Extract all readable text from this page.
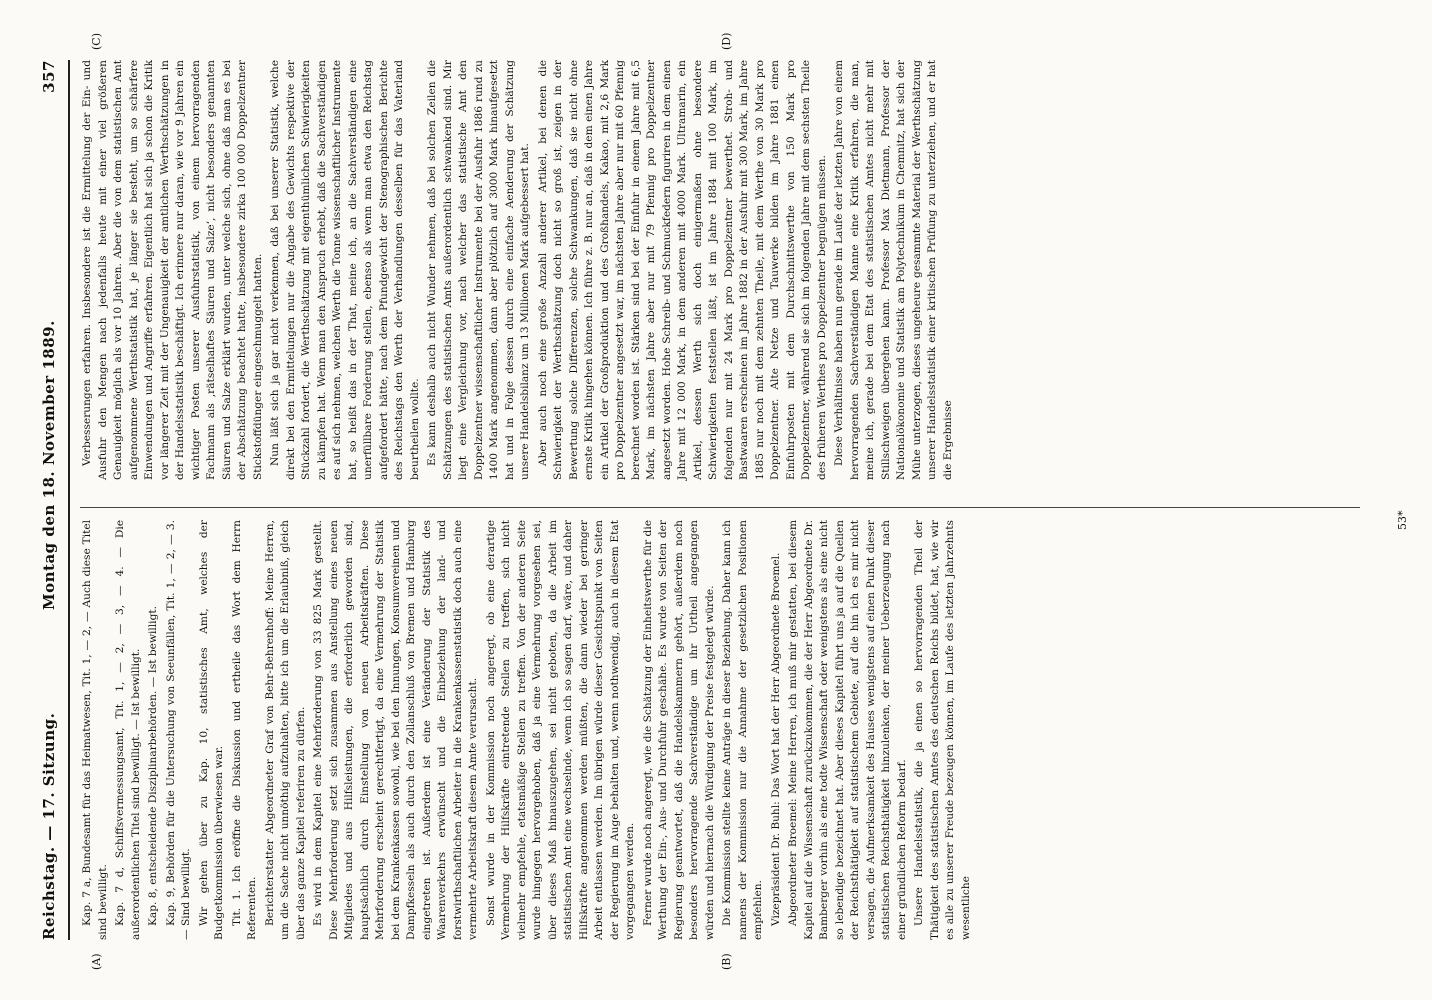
Reichstag. — 17. Sitzung.
Montag den 18. November 1889.
357
(A)	(B)
(C)	(D)

Kap. 7 a, Bundesamt für das Heimatwesen, Tit. 1, — 2, — Auch diese Titel sind bewilligt. Kap. 7 d, Schiffsvermessungsamt, Tit. 1, — 2, — 3, — 4. — Die außerordentlichen Titel sind bewilligt. — Ist bewilligt. Kap. 8, entscheidende Disziplinarbehörden. — Ist bewilligt. Kap. 9, Behörden für die Untersuchung von Seeunfällen, Tit. 1, — 2, — 3. — Sind bewilligt. Wir gehen über zu Kap. 10, statistisches Amt, welches der Budgetkommission überwiesen war. Tit. 1. Ich eröffne die Diskussion und ertheile das Wort dem Herrn Referenten. Berichterstatter Abgeordneter Graf von Behr-Behrenhoff: Meine Herren, um die Sache nicht unnöthig aufzuhalten, bitte ich um die Erlaubniß, gleich über das ganze Kapitel referiren zu dürfen. Es wird in dem Kapitel eine Mehrforderung von 33 825 Mark gestellt. Diese Mehrforderung setzt sich zusammen aus Anstellung eines neuen Mitgliedes und aus Hilfsleistungen, die erforderlich geworden sind, hauptsächlich durch Einstellung von neuen Arbeitskräften. Diese Mehrforderung erscheint gerechtfertigt, da eine Vermehrung der Statistik bei dem Krankenkassen sowohl, wie bei den Innungen, Konsumvereinen und Dampfkesseln als auch durch den Zollanschluß von Bremen und Hamburg eingetreten ist. Außerdem ist eine Veränderung der Statistik des Waarenverkehrs erwünscht und die Einbeziehung der land- und forstwirthschaftlichen Arbeiter in die Krankenkassenstatistik doch auch eine vermehrte Arbeitskraft diesem Amte verursacht. Sonst wurde in der Kommission noch angeregt, ob eine derartige Vermehrung der Hilfskräfte eintretende Stellen zu treffen, sich nicht vielmehr empfehle, etatsmäßige Stellen zu treffen. Von der anderen Seite wurde hingegen hervorgehoben, daß ja eine Vermehrung vorgesehen sei, über dieses Maß hinauszugehen, sei nicht geboten, da die Arbeit im statistischen Amt eine wechselnde, wenn ich so sagen darf, wäre, und daher Hilfskräfte angenommen werden müßten, die dann wieder bei geringer Arbeit entlassen werden. Im übrigen würde dieser Gesichtspunkt von Seiten der Regierung im Auge behalten und, wenn nothwendig, auch in diesem Etat vorgegangen werden. Ferner wurde noch angeregt, wie die Schätzung der Einheitswerthe für die Werthung der Ein-, Aus- und Durchfuhr geschähe. Es wurde von Seiten der Regierung geantwortet, daß die Handelskammern gehört, außerdem noch besonders hervorragende Sachverständige um ihr Urtheil angegangen würden und hiernach die Würdigung der Preise festgelegt würde. Die Kommission stellte keine Anträge in dieser Beziehung. Daher kann ich namens der Kommission nur die Annahme der gesetzlichen Positionen empfehlen. Vizepräsident Dr. Buhl: Das Wort hat der Herr Abgeordnete Broemel. Abgeordneter Broemel: Meine Herren, ich muß mir gestatten, bei diesem Kapitel auf die Wissenschaft zurückzukommen, die der Herr Abgeordnete Dr. Bamberger vorhin als eine todte Wissenschaft oder wenigstens als eine nicht so lebendige bezeichnet hat. Aber dieses Kapitel führt uns ja auf die Quellen der Reichsthätigkeit auf statistischem Gebiete, auf die hin ich es mir nicht versagen, die Aufmerksamkeit des Hauses wenigstens auf einen Punkt dieser statistischen Reichsthätigkeit hinzulenken, der meiner Ueberzeugung nach einer gründlichen Reform bedarf. Unsere Handelsstatistik, die ja einen so hervorragenden Theil der Thätigkeit des statistischen Amtes des deutschen Reichs bildet, hat, wie wir es alle zu unserer Freude bezeugen können, im Laufe des letzten Jahrzehnts wesentliche

Verbesserungen erfahren. Insbesondere ist die Ermittelung der Ein- und Ausfuhr den Mengen nach jedenfalls heute mit einer viel größeren Genauigkeit möglich als vor 10 Jahren. Aber die von dem statistischen Amt aufgenommene Werthstatistik hat, je länger sie besteht, um so schärfere Einwendungen und Angriffe erfahren. Eigentlich hat sich ja schon die Kritik vor längerer Zeit mit der Ungenauigkeit der amtlichen Werthschätzungen in der Handelsstatistik beschäftigt. Ich erinnere nur daran, wie vor 9 Jahren ein wichtiger Posten unserer Ausfuhrstatistik, von einem hervorragenden Fachmann als ‚rätselhaftes Säuren und Salze‘, nicht besonders genannten Säuren und Salze erklärt wurden, unter welche sich, ohne daß man es bei der Abschätzung beachtet hatte, insbesondere zirka 100 000 Doppelzentner Stickstoffdünger eingeschmuggelt hatten. Nun läßt sich ja gar nicht verkennen, daß bei unserer Statistik, welche direkt bei den Ermittelungen nur die Angabe des Gewichts respektive der Stückzahl fordert, die Werthschätzung mit eigenthümlichen Schwierigkeiten zu kämpfen hat. Wenn man den Anspruch erhebt, daß die Sachverständigen es auf sich nehmen, welchen Werth die Tonne wissenschaftlicher Instrumente hat, so heißt das in der That, meine ich, an die Sachverständigen eine unerfüllbare Forderung stellen, ebenso als wenn man etwa den Reichstag aufgefordert hätte, nach dem Pfundgewicht der Stenographischen Berichte des Reichstags den Werth der Verhandlungen desselben für das Vaterland beurtheilen wollte. Es kann deshalb auch nicht Wunder nehmen, daß bei solchen Zeilen die Schätzungen des statistischen Amts außerordentlich schwankend sind. Mir liegt eine Vergleichung vor, nach welcher das statistische Amt den Doppelzentner wissenschaftlicher Instrumente bei der Ausfuhr 1886 rund zu 1400 Mark angenommen, dann aber plötzlich auf 3000 Mark hinaufgesetzt hat und in Folge dessen durch eine einfache Aenderung der Schätzung unsere Handelsbilanz um 13 Millionen Mark aufgebessert hat. Aber auch noch eine große Anzahl anderer Artikel, bei denen die Schwierigkeit der Werthschätzung doch nicht so groß ist, zeigen in der Bewertung solche Differenzen, solche Schwankungen, daß sie nicht ohne ernste Kritik hingehen können. Ich führe z. B. nur an, daß in dem einen Jahre ein Artikel der Großproduktion und des Großhandels, Kakao, mit 2,6 Mark pro Doppelzentner angesetzt war, im nächsten Jahre aber nur mit 60 Pfennig berechnet worden ist. Stärken sind bei der Einfuhr in einem Jahre mit 6,5 Mark, im nächsten Jahre aber nur mit 79 Pfennig pro Doppelzentner angesetzt worden. Hohe Schreib- und Schmuckfedern figuriren in dem einen Jahre mit 12 000 Mark, in dem anderen mit 4000 Mark. Ultramarin, ein Artikel, dessen Werth sich doch einigermaßen ohne besondere Schwierigkeiten feststellen läßt, ist im Jahre 1884 mit 100 Mark, im folgenden nur mit 24 Mark pro Doppelzentner bewerthet. Stroh- und Bastwaaren erscheinen im Jahre 1882 in der Ausfuhr mit 300 Mark, im Jahre 1885 nur noch mit dem zehnten Theile, mit dem Werthe von 30 Mark pro Doppelzentner. Alte Netze und Tauwerke bilden im Jahre 1881 einen Einfuhrposten mit dem Durchschnittswerthe von 150 Mark pro Doppelzentner, während sie sich im folgenden Jahre mit dem sechsten Theile des früheren Werthes pro Doppelzentner begnügen müssen. Diese Verhältnisse haben nun gerade im Laufe der letzten Jahre von einem hervorragenden Sachverständigen Manne eine Kritik erfahren, die man, meine ich, gerade bei dem Etat des statistischen Amtes nicht mehr mit Stillschweigen übergehen kann. Professor Max Dietmann, Professor der Nationalökonomie und Statistik am Polytechnikum in Chemnitz, hat sich der Mühe unterzogen, dieses ungeheure gesammte Material der Werthschätzung unserer Handelsstatistik einer kritischen Prüfung zu unterziehen, und er hat die Ergebnisse

53*
